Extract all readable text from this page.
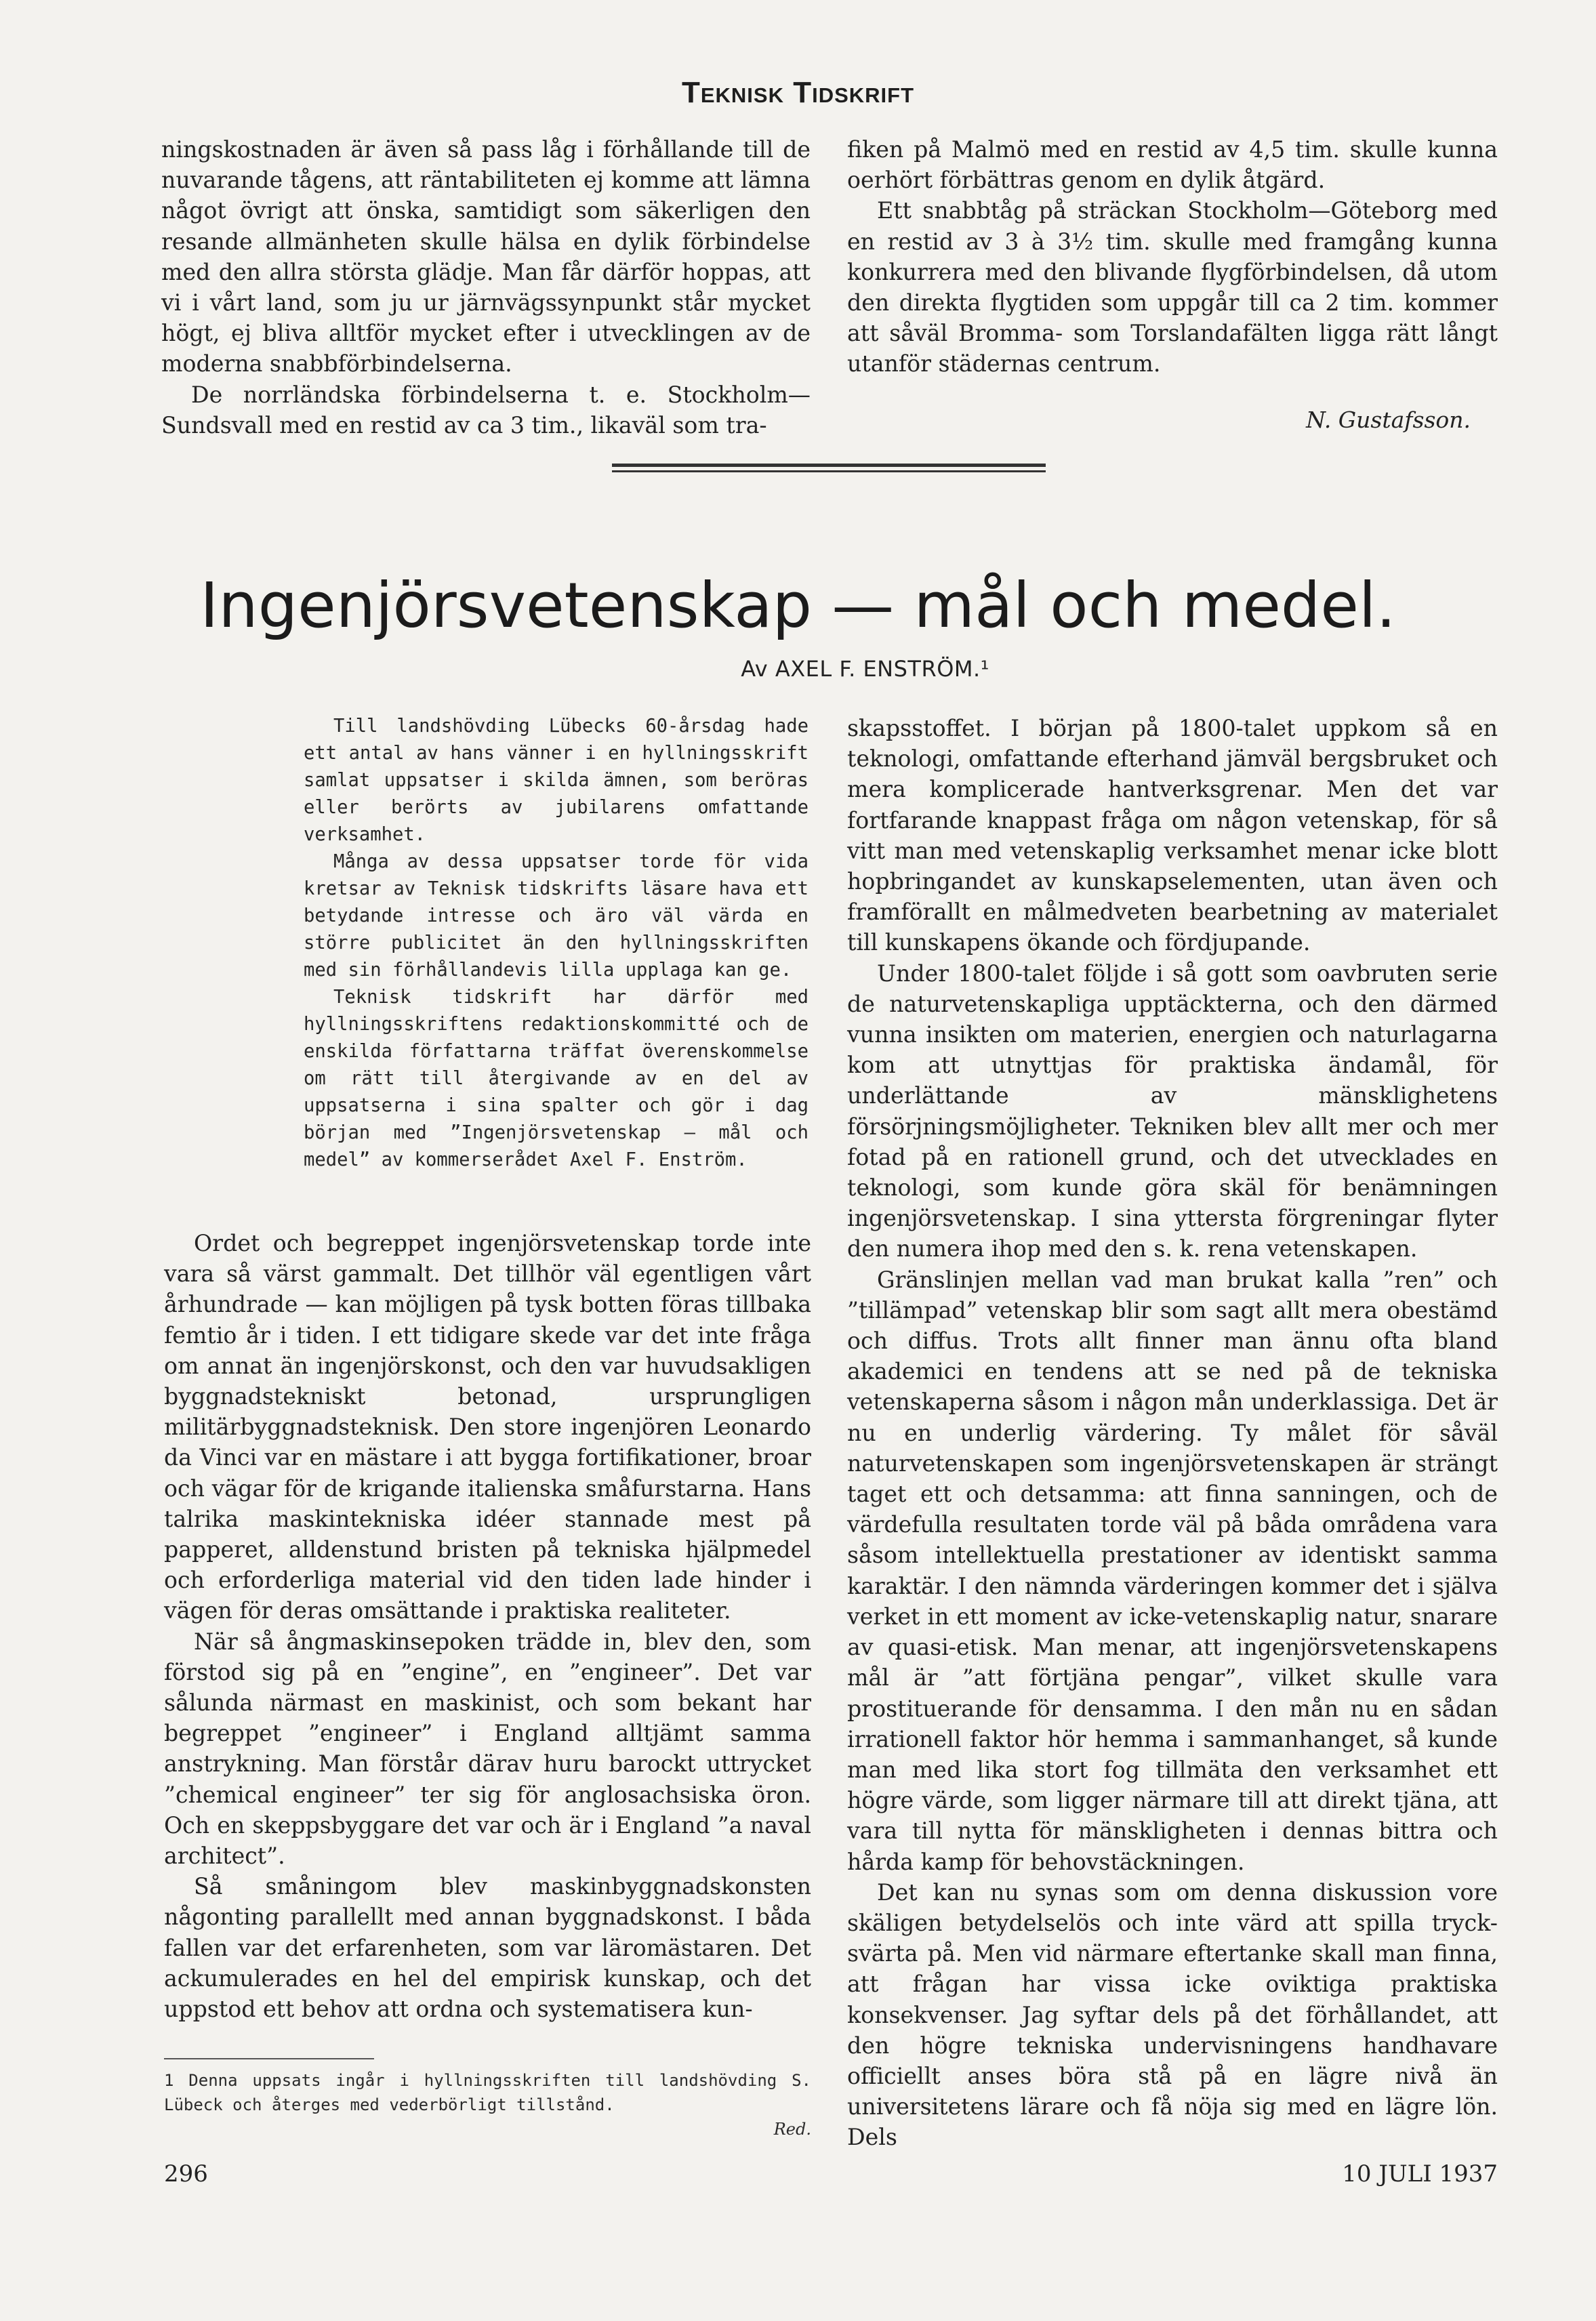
Teknisk Tidskrift

ningskostnaden är även så pass låg i förhållande till de nuvarande tågens, att räntabiliteten ej komme att lämna något övrigt att önska, samtidigt som säkerligen den resande allmänheten skulle hälsa en dylik förbindelse med den allra största glädje. Man får därför hoppas, att vi i vårt land, som ju ur järnvägssynpunkt står mycket högt, ej bliva alltför mycket efter i utvecklingen av de moderna snabbförbindelserna.

De norrländska förbindelserna t. e. Stockholm—Sundsvall med en restid av ca 3 tim., likaväl som tra-

fiken på Malmö med en restid av 4,5 tim. skulle kunna oerhört förbättras genom en dylik åtgärd.

Ett snabbtåg på sträckan Stockholm—Göteborg med en restid av 3 à 3½ tim. skulle med framgång kunna konkurrera med den blivande flygförbindelsen, då utom den direkta flygtiden som uppgår till ca 2 tim. kommer att såväl Bromma- som Torslandafälten ligga rätt långt utanför städernas centrum.

N. Gustafsson.
Ingenjörsvetenskap — mål och medel.
Av AXEL F. ENSTRÖM.¹

Till landshövding Lübecks 60-årsdag hade ett antal av hans vänner i en hyllningsskrift samlat uppsatser i skilda ämnen, som beröras eller berörts av jubilarens omfattande verksamhet.

Många av dessa uppsatser torde för vida kretsar av Teknisk tidskrifts läsare hava ett betydande intresse och äro väl värda en större publicitet än den hyllningsskriften med sin förhållandevis lilla upplaga kan ge.

Teknisk tidskrift har därför med hyllningsskriftens redaktionskommitté och de enskilda författarna träffat överenskommelse om rätt till återgivande av en del av uppsatserna i sina spalter och gör i dag början med ”Ingenjörsvetenskap — mål och medel” av kommerserådet Axel F. Enström.

Ordet och begreppet ingenjörsvetenskap torde inte vara så värst gammalt. Det tillhör väl egentligen vårt århundrade — kan möjligen på tysk botten föras tillbaka femtio år i tiden. I ett tidigare skede var det inte fråga om annat än ingenjörskonst, och den var huvudsakligen byggnadstekniskt betonad, ursprungligen militärbyggnadsteknisk. Den store ingenjören Leonardo da Vinci var en mästare i att bygga fortifikationer, broar och vägar för de krigande italienska småfurstarna. Hans talrika maskintekniska idéer stannade mest på papperet, alldenstund bristen på tekniska hjälpmedel och erforderliga material vid den tiden lade hinder i vägen för deras omsättande i praktiska realiteter.

När så ångmaskinsepoken trädde in, blev den, som förstod sig på en ”engine”, en ”engineer”. Det var sålunda närmast en maskinist, och som bekant har begreppet ”engineer” i England alltjämt samma anstrykning. Man förstår därav huru barockt uttrycket ”chemical engineer” ter sig för anglosachsiska öron. Och en skeppsbyggare det var och är i England ”a naval architect”.

Så småningom blev maskinbyggnadskonsten någonting parallellt med annan byggnadskonst. I båda fallen var det erfarenheten, som var läromästaren. Det ackumulerades en hel del empirisk kunskap, och det uppstod ett behov att ordna och systematisera kun-

skapsstoffet. I början på 1800-talet uppkom så en teknologi, omfattande efterhand jämväl bergsbruket och mera komplicerade hantverksgrenar. Men det var fortfarande knappast fråga om någon vetenskap, för så vitt man med vetenskaplig verksamhet menar icke blott hopbringandet av kunskapselementen, utan även och framförallt en målmedveten bearbetning av materialet till kunskapens ökande och fördjupande.

Under 1800-talet följde i så gott som oavbruten serie de naturvetenskapliga upptäckterna, och den därmed vunna insikten om materien, energien och naturlagarna kom att utnyttjas för praktiska ändamål, för underlättande av mänsklighetens försörjningsmöjligheter. Tekniken blev allt mer och mer fotad på en rationell grund, och det utvecklades en teknologi, som kunde göra skäl för benämningen ingenjörsvetenskap. I sina yttersta förgreningar flyter den numera ihop med den s. k. rena vetenskapen.

Gränslinjen mellan vad man brukat kalla ”ren” och ”tillämpad” vetenskap blir som sagt allt mera obestämd och diffus. Trots allt finner man ännu ofta bland akademici en tendens att se ned på de tekniska vetenskaperna såsom i någon mån underklassiga. Det är nu en underlig värdering. Ty målet för såväl naturvetenskapen som ingenjörsvetenskapen är strängt taget ett och detsamma: att finna sanningen, och de värdefulla resultaten torde väl på båda områdena vara såsom intellektuella prestationer av identiskt samma karaktär. I den nämnda värderingen kommer det i själva verket in ett moment av icke-vetenskaplig natur, snarare av quasi-etisk. Man menar, att ingenjörsvetenskapens mål är ”att förtjäna pengar”, vilket skulle vara prostituerande för densamma. I den mån nu en sådan irrationell faktor hör hemma i sammanhanget, så kunde man med lika stort fog tillmäta den verksamhet ett högre värde, som ligger närmare till att direkt tjäna, att vara till nytta för mänskligheten i dennas bittra och hårda kamp för behovstäckningen.

Det kan nu synas som om denna diskussion vore skäligen betydelselös och inte värd att spilla tryck-svärta på. Men vid närmare eftertanke skall man finna, att frågan har vissa icke oviktiga praktiska konsekvenser. Jag syftar dels på det förhållandet, att den högre tekniska undervisningens handhavare officiellt anses böra stå på en lägre nivå än universitetens lärare och få nöja sig med en lägre lön. Dels

1 Denna uppsats ingår i hyllningsskriften till landshövding S. Lübeck och återges med vederbörligt tillstånd.
Red.
296	10 JULI 1937
